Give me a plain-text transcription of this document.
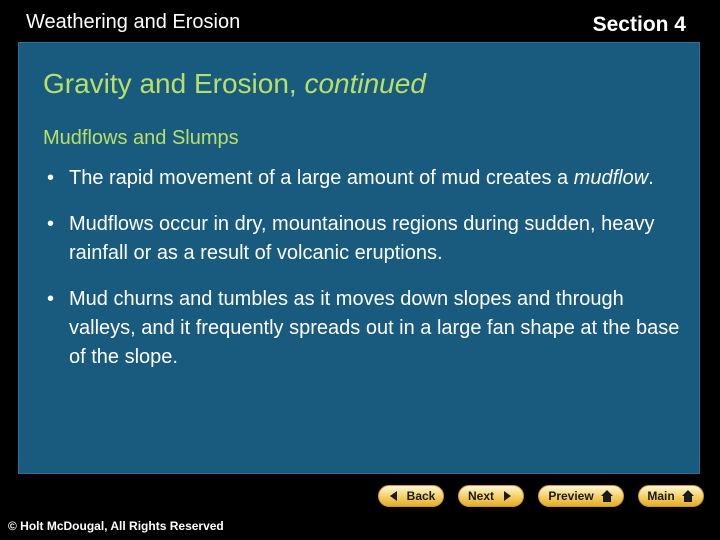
Weathering and Erosion	Section 4
Gravity and Erosion, continued
Mudflows and Slumps
• The rapid movement of a large amount of mud creates a mudflow.
• Mudflows occur in dry, mountainous regions during sudden, heavy rainfall or as a result of volcanic eruptions.
• Mud churns and tumbles as it moves down slopes and through valleys, and it frequently spreads out in a large fan shape at the base of the slope.
Back	Next	Preview	Main
© Holt McDougal, All Rights Reserved
